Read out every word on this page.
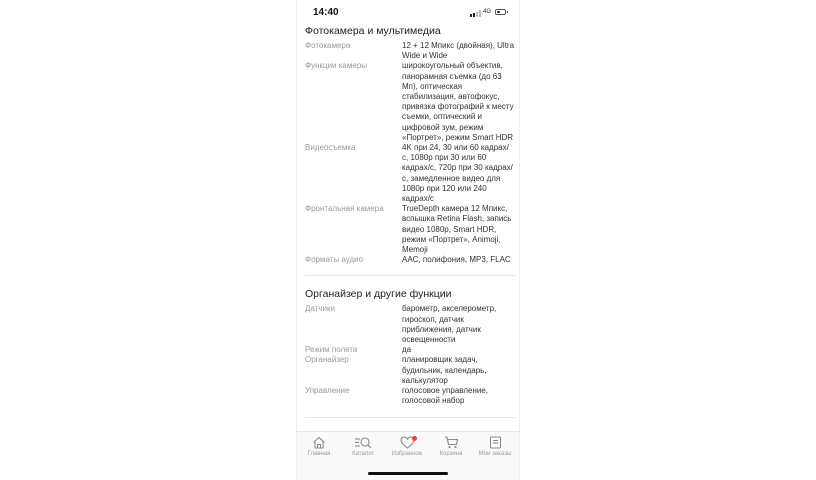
14:40	4G
Фотокамера и мультимедиа
Фотокамера	12 + 12 Мпикс (двойная), Ultra Wide и Wide
Функции камеры	широкоугольный объектив, панорамная съемка (до 63 Мп), оптическая стабилизация, автофокус, привязка фотографий к месту съемки, оптический и цифровой зум, режим «Портрет», режим Smart HDR
Видеосъемка	4K при 24, 30 или 60 кадрах/с, 1080p при 30 или 60 кадрах/с, 720p при 30 кадрах/с, замедленное видео для 1080p при 120 или 240 кадрах/с
Фронтальная камера	TrueDepth камера 12 Мпикс, вспышка Retina Flash, запись видео 1080p, Smart HDR, режим «Портрет», Animoji, Memoji
Форматы аудио	AAC, полифония, MP3, FLAC
Органайзер и другие функции
Датчики	барометр, акселерометр, гироскоп, датчик приближения, датчик освещенности
Режим полета	да
Органайзер	планировщик задач, будильник, календарь, калькулятор
Управление	голосовое управление, голосовой набор
Главная	Каталог	Избранное	Корзина	Мои заказы
